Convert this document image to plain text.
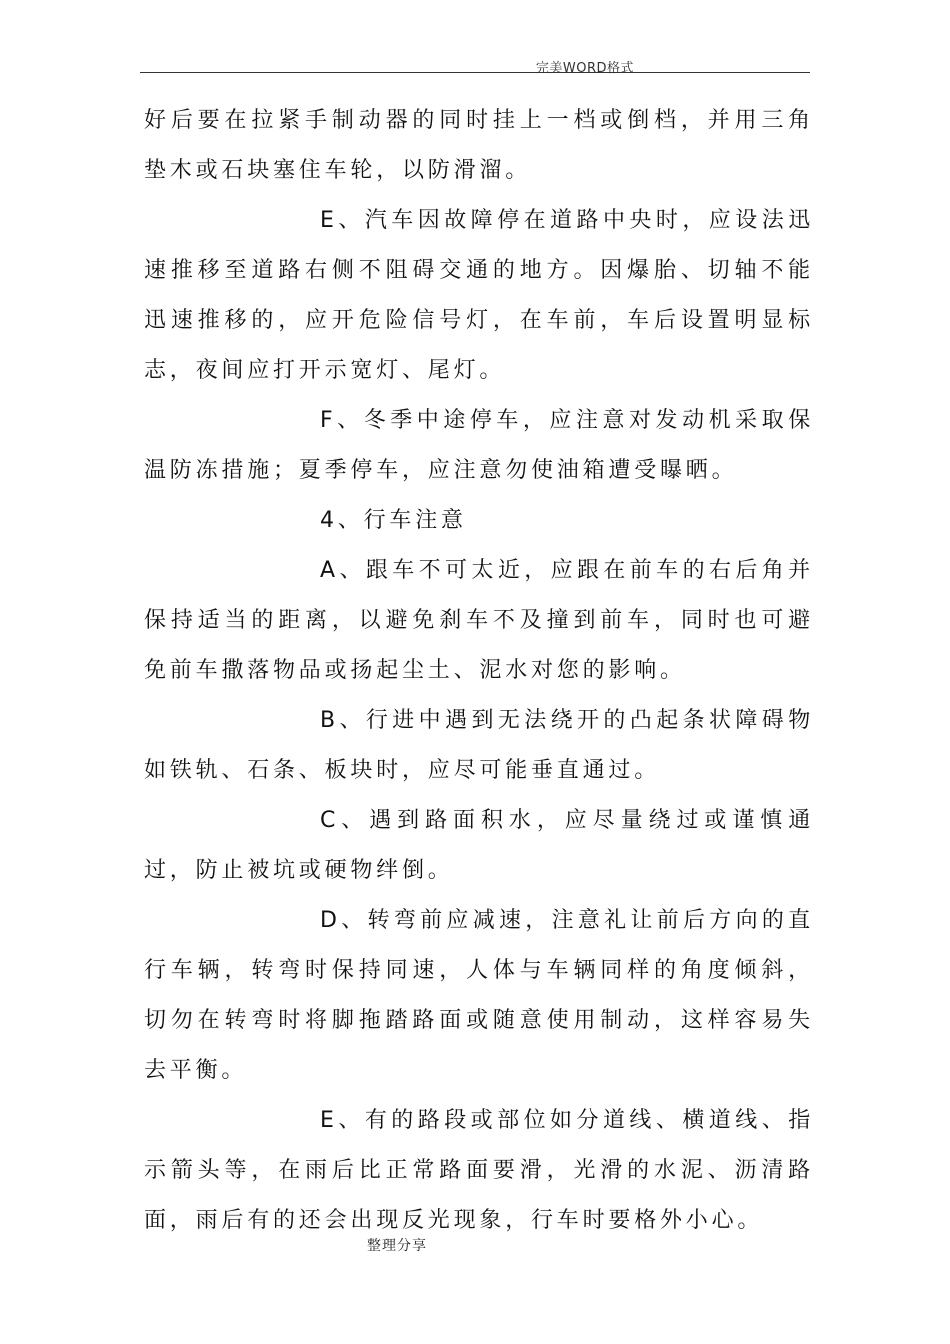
完美WORD格式

好后要在拉紧手制动器的同时挂上一档或倒档，并用三角垫木或石块塞住车轮，以防滑溜。

E、汽车因故障停在道路中央时，应设法迅速推移至道路右侧不阻碍交通的地方。因爆胎、切轴不能迅速推移的，应开危险信号灯，在车前，车后设置明显标志，夜间应打开示宽灯、尾灯。

F、冬季中途停车，应注意对发动机采取保温防冻措施；夏季停车，应注意勿使油箱遭受曝晒。

4、行车注意

A、跟车不可太近，应跟在前车的右后角并保持适当的距离，以避免刹车不及撞到前车，同时也可避免前车撒落物品或扬起尘土、泥水对您的影响。

B、行进中遇到无法绕开的凸起条状障碍物如铁轨、石条、板块时，应尽可能垂直通过。

C、遇到路面积水，应尽量绕过或谨慎通过，防止被坑或硬物绊倒。

D、转弯前应减速，注意礼让前后方向的直行车辆，转弯时保持同速，人体与车辆同样的角度倾斜，切勿在转弯时将脚拖踏路面或随意使用制动，这样容易失去平衡。

E、有的路段或部位如分道线、横道线、指示箭头等，在雨后比正常路面要滑，光滑的水泥、沥清路面，雨后有的还会出现反光现象，行车时要格外小心。

整理分享
